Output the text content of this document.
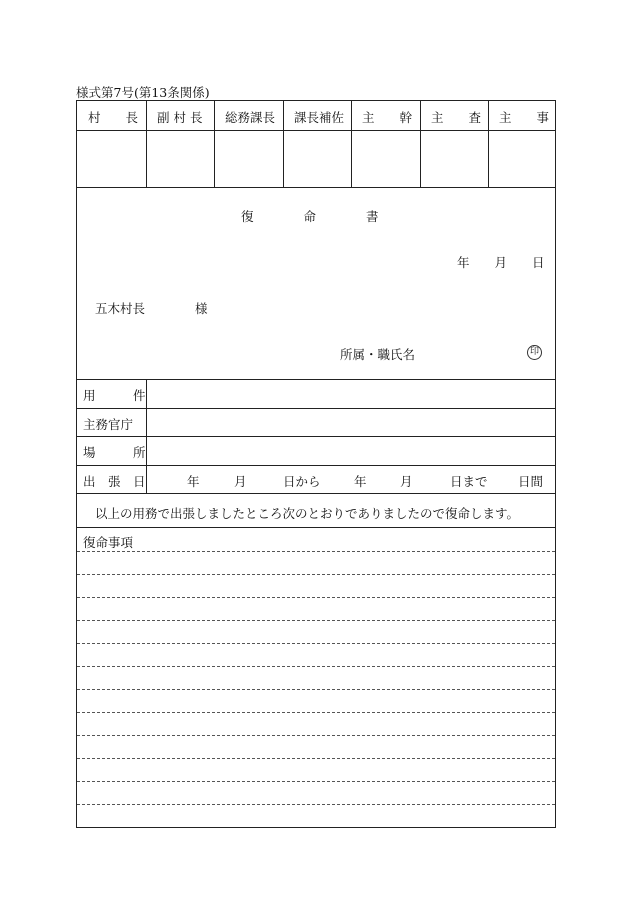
様式第7号(第13条関係)
村　　長 副 村 長 総務課長 課長補佐 主　　幹 主　　査 主　　事
復　　　　命　　　　書
年　　月　　日
五木村長　　　　様
所属・職氏名	印
用　　　件
主務官庁
場　　　所
出　張　日	年	月	日から	年	月	日まで 日間
以上の用務で出張しましたところ次のとおりでありましたので復命します。
復命事項
